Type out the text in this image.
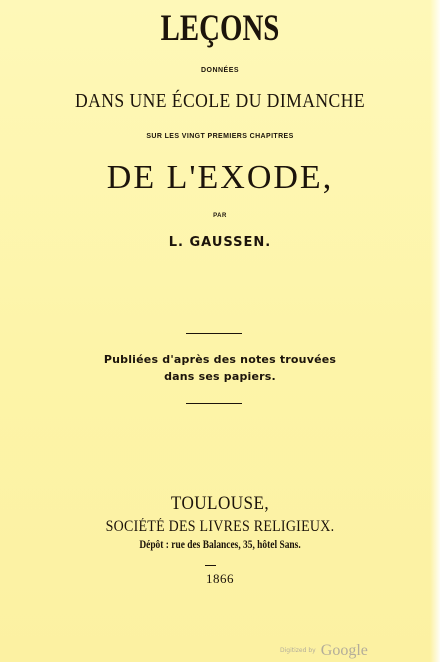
LEÇONS
DONNÉES
DANS UNE ÉCOLE DU DIMANCHE
SUR LES VINGT PREMIERS CHAPITRES
DE L'EXODE,
PAR
L. GAUSSEN.
Publiées d'après des notes trouvées
dans ses papiers.
TOULOUSE,
SOCIÉTÉ DES LIVRES RELIGIEUX.
Dépôt : rue des Balances, 35, hôtel Sans.
1866
Digitized by Google
